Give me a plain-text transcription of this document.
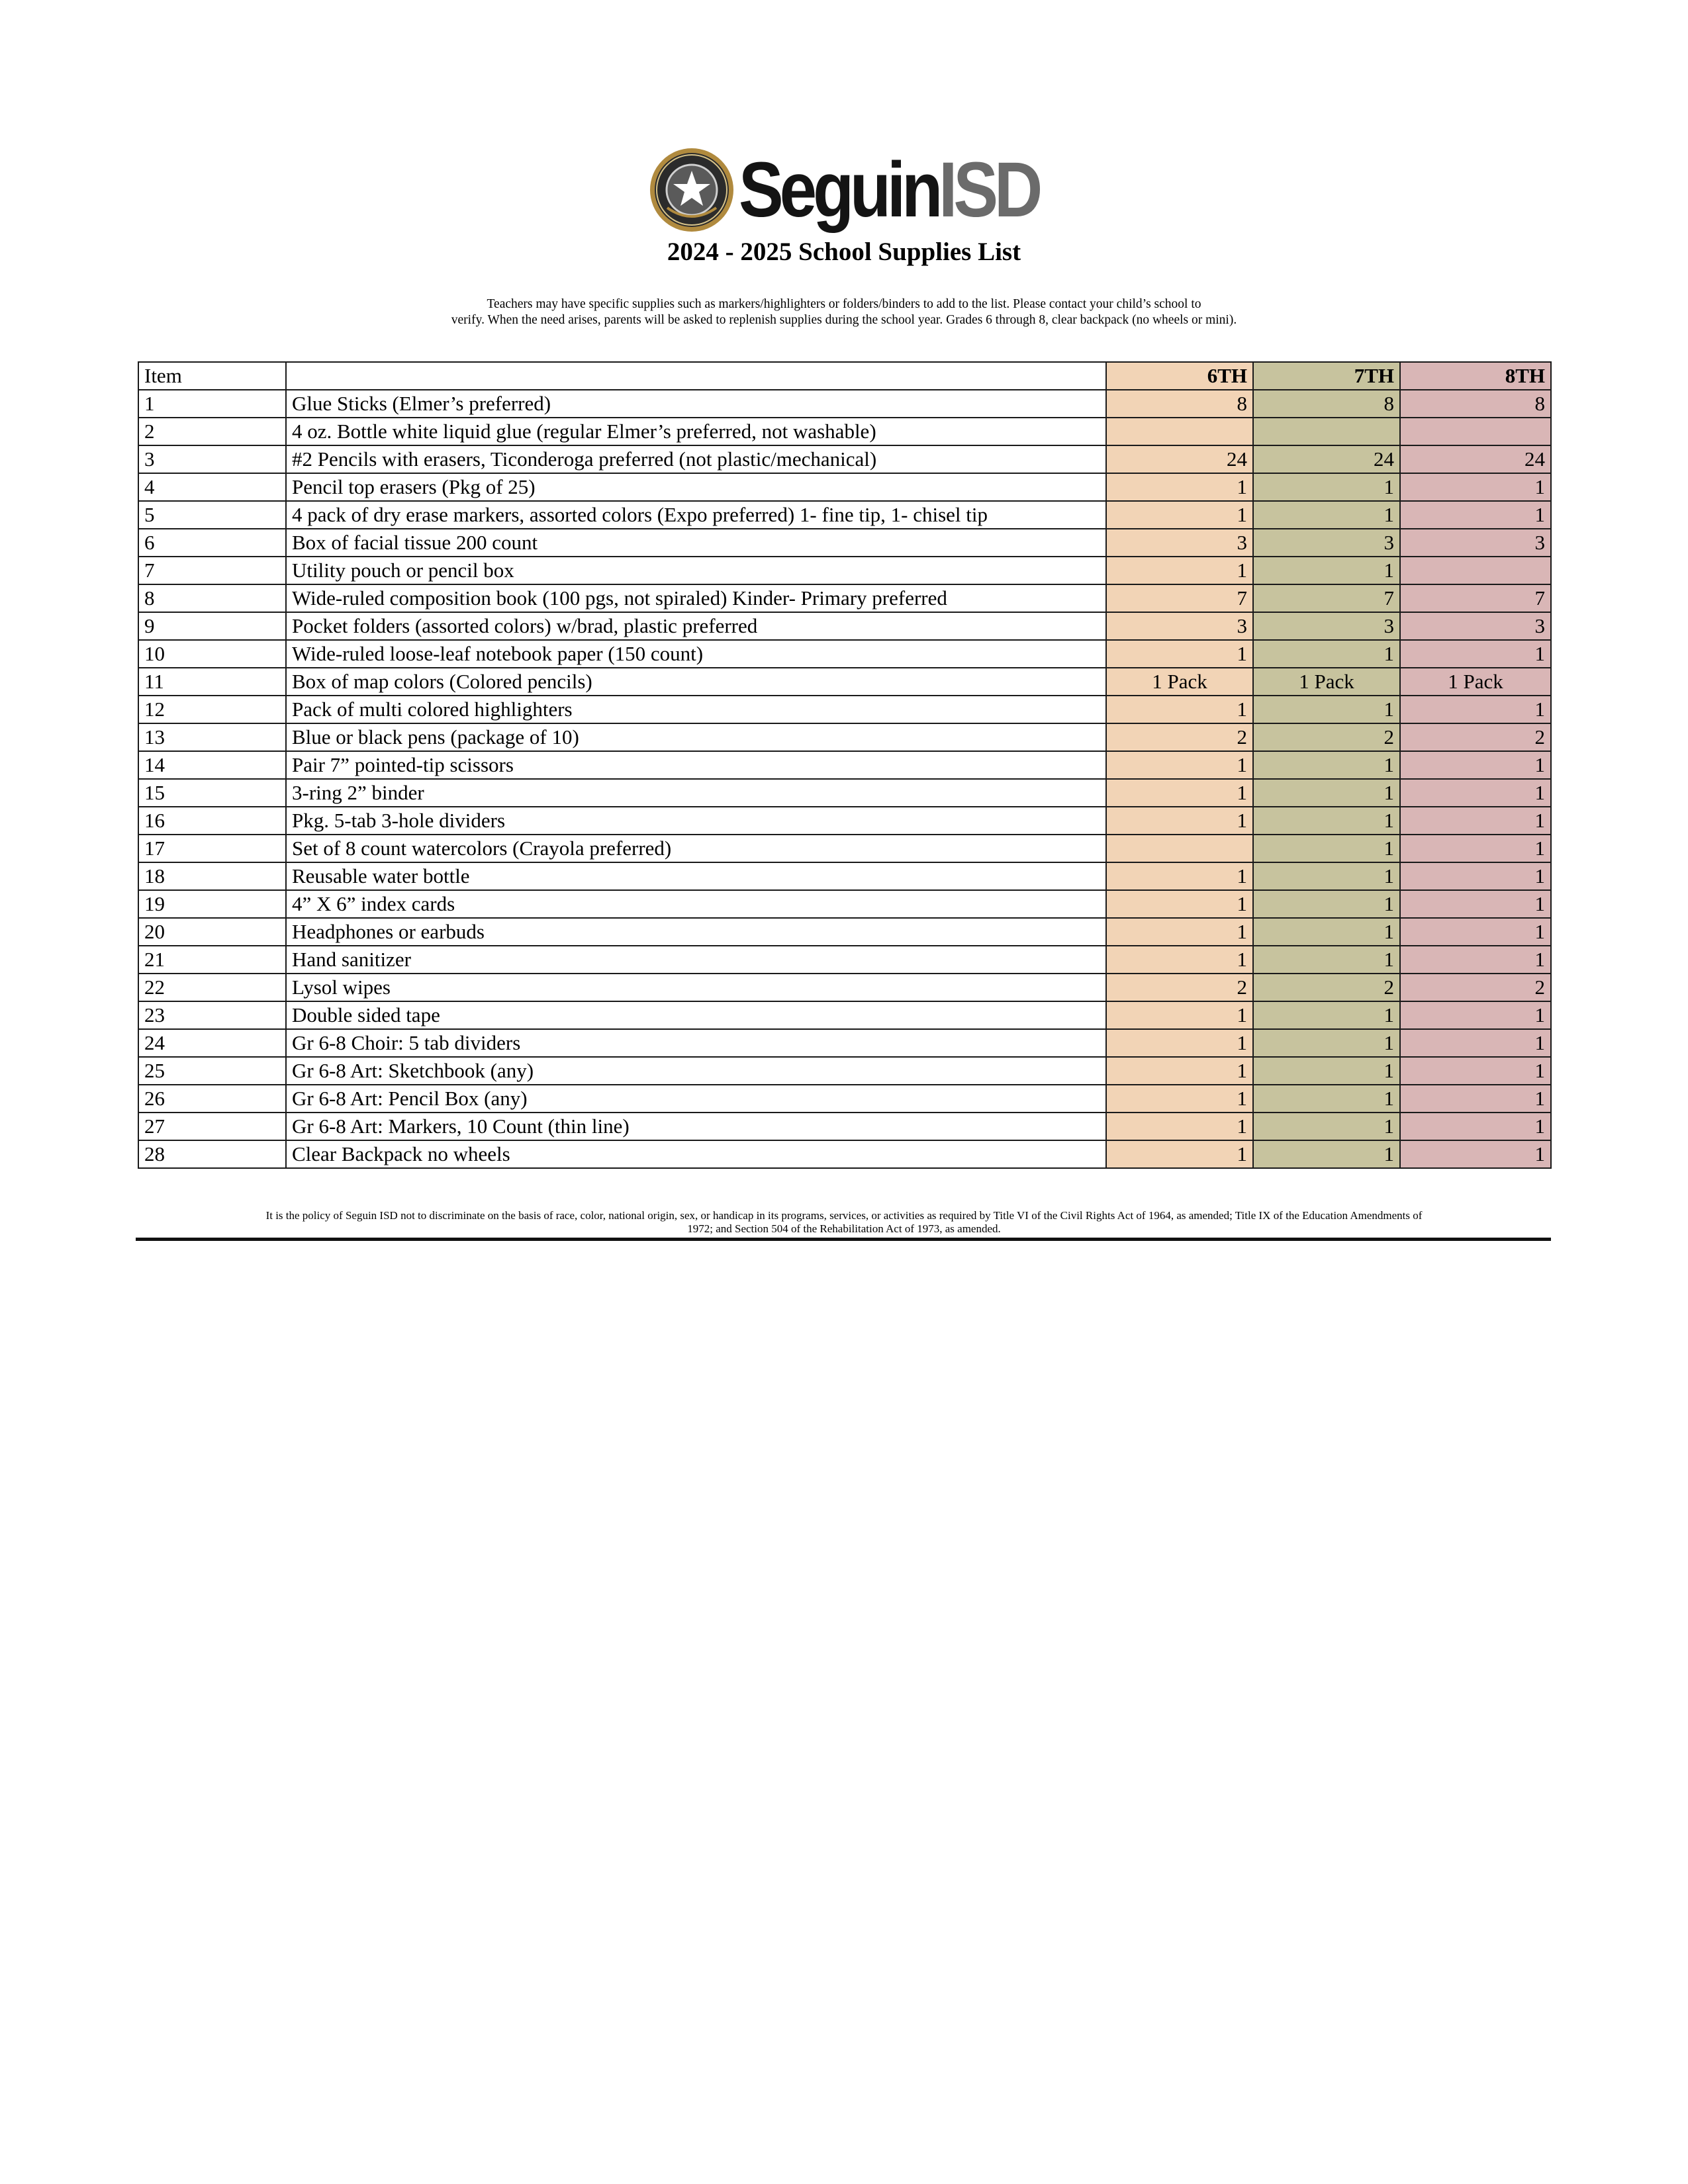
SeguinISD
2024 - 2025 School Supplies List
Teachers may have specific supplies such as markers/highlighters or folders/binders to add to the list. Please contact your child’s school to
verify. When the need arises, parents will be asked to replenish supplies during the school year. Grades 6 through 8, clear backpack (no wheels or mini).
Item		6TH	7TH	8TH
1	Glue Sticks (Elmer’s preferred)	8	8	8
2	4 oz. Bottle white liquid glue (regular Elmer’s preferred, not washable)			
3	#2 Pencils with erasers, Ticonderoga preferred (not plastic/mechanical)	24	24	24
4	Pencil top erasers (Pkg of 25)	1	1	1
5	4 pack of dry erase markers, assorted colors (Expo preferred) 1- fine tip, 1- chisel tip	1	1	1
6	Box of facial tissue 200 count	3	3	3
7	Utility pouch or pencil box	1	1	
8	Wide-ruled composition book (100 pgs, not spiraled) Kinder- Primary preferred	7	7	7
9	Pocket folders (assorted colors) w/brad, plastic preferred	3	3	3
10	Wide-ruled loose-leaf notebook paper (150 count)	1	1	1
11	Box of map colors (Colored pencils)	1 Pack	1 Pack	1 Pack
12	Pack of multi colored highlighters	1	1	1
13	Blue or black pens (package of 10)	2	2	2
14	Pair 7” pointed-tip scissors	1	1	1
15	3-ring 2” binder	1	1	1
16	Pkg. 5-tab 3-hole dividers	1	1	1
17	Set of 8 count watercolors (Crayola preferred)		1	1
18	Reusable water bottle	1	1	1
19	4” X 6” index cards	1	1	1
20	Headphones or earbuds	1	1	1
21	Hand sanitizer	1	1	1
22	Lysol wipes	2	2	2
23	Double sided tape	1	1	1
24	Gr 6-8 Choir: 5 tab dividers	1	1	1
25	Gr 6-8 Art: Sketchbook (any)	1	1	1
26	Gr 6-8 Art: Pencil Box (any)	1	1	1
27	Gr 6-8 Art: Markers, 10 Count (thin line)	1	1	1
28	Clear Backpack no wheels	1	1	1
It is the policy of Seguin ISD not to discriminate on the basis of race, color, national origin, sex, or handicap in its programs, services, or activities as required by Title VI of the Civil Rights Act of 1964, as amended; Title IX of the Education Amendments of
1972; and Section 504 of the Rehabilitation Act of 1973, as amended.
